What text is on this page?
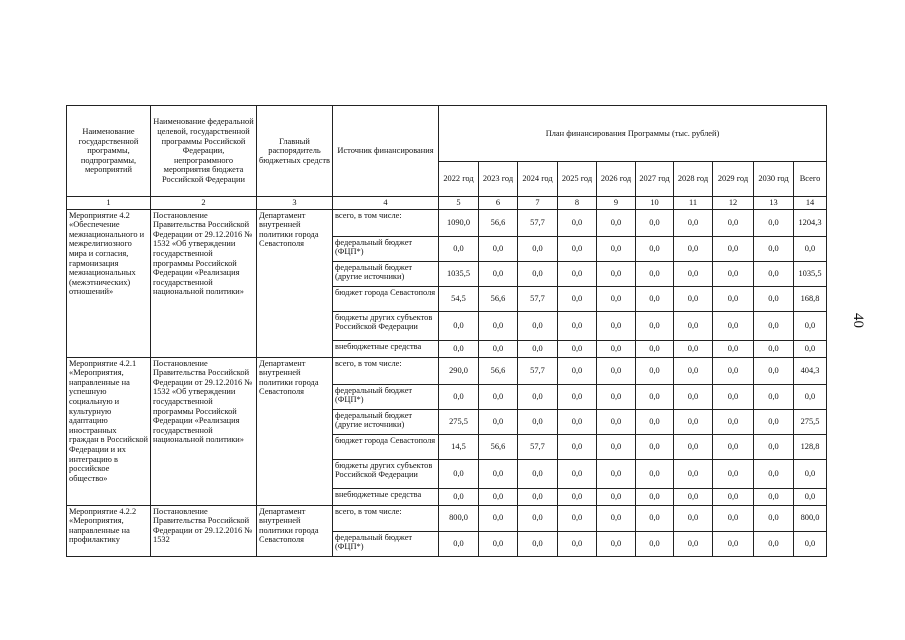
Наименование государственной программы, подпрограммы, мероприятий	Наименование федеральной целевой, государственной программы Российской Федерации, непрограммного мероприятия бюджета Российской Федерации	Главный распорядитель бюджетных средств	Источник финансирования	План финансирования Программы (тыс. рублей)									
				2022 год	2023 год	2024 год	2025 год	2026 год	2027 год	2028 год	2029 год	2030 год	Всего
1	2	3	4	5	6	7	8	9	10	11	12	13	14
Мероприятие 4.2 «Обеспечение межнационального и межрелигиозного мира и согласия, гармонизация межнациональных (межэтнических) отношений»	Постановление Правительства Российской Федерации от 29.12.2016 № 1532 «Об утверждении государственной программы Российской Федерации «Реализация государственной национальной политики»	Департамент внутренней политики города Севастополя	всего, в том числе:	1090,0	56,6	57,7	0,0	0,0	0,0	0,0	0,0	0,0	1204,3
			федеральный бюджет (ФЦП*)	0,0	0,0	0,0	0,0	0,0	0,0	0,0	0,0	0,0	0,0
			федеральный бюджет (другие источники)	1035,5	0,0	0,0	0,0	0,0	0,0	0,0	0,0	0,0	1035,5
			бюджет города Севастополя	54,5	56,6	57,7	0,0	0,0	0,0	0,0	0,0	0,0	168,8
			бюджеты других субъектов Российской Федерации	0,0	0,0	0,0	0,0	0,0	0,0	0,0	0,0	0,0	0,0
			внебюджетные средства	0,0	0,0	0,0	0,0	0,0	0,0	0,0	0,0	0,0	0,0
Мероприятие 4.2.1 «Мероприятия, направленные на успешную социальную и культурную адаптацию иностранных граждан в Российской Федерации и их интеграцию в российское общество»	Постановление Правительства Российской Федерации от 29.12.2016 № 1532 «Об утверждении государственной программы Российской Федерации «Реализация государственной национальной политики»	Департамент внутренней политики города Севастополя	всего, в том числе:	290,0	56,6	57,7	0,0	0,0	0,0	0,0	0,0	0,0	404,3
			федеральный бюджет (ФЦП*)	0,0	0,0	0,0	0,0	0,0	0,0	0,0	0,0	0,0	0,0
			федеральный бюджет (другие источники)	275,5	0,0	0,0	0,0	0,0	0,0	0,0	0,0	0,0	275,5
			бюджет города Севастополя	14,5	56,6	57,7	0,0	0,0	0,0	0,0	0,0	0,0	128,8
			бюджеты других субъектов Российской Федерации	0,0	0,0	0,0	0,0	0,0	0,0	0,0	0,0	0,0	0,0
			внебюджетные средства	0,0	0,0	0,0	0,0	0,0	0,0	0,0	0,0	0,0	0,0
Мероприятие 4.2.2 «Мероприятия, направленные на профилактику	Постановление Правительства Российской Федерации от 29.12.2016 № 1532	Департамент внутренней политики города Севастополя	всего, в том числе:	800,0	0,0	0,0	0,0	0,0	0,0	0,0	0,0	0,0	800,0
			федеральный бюджет (ФЦП*)	0,0	0,0	0,0	0,0	0,0	0,0	0,0	0,0	0,0	0,0
40
